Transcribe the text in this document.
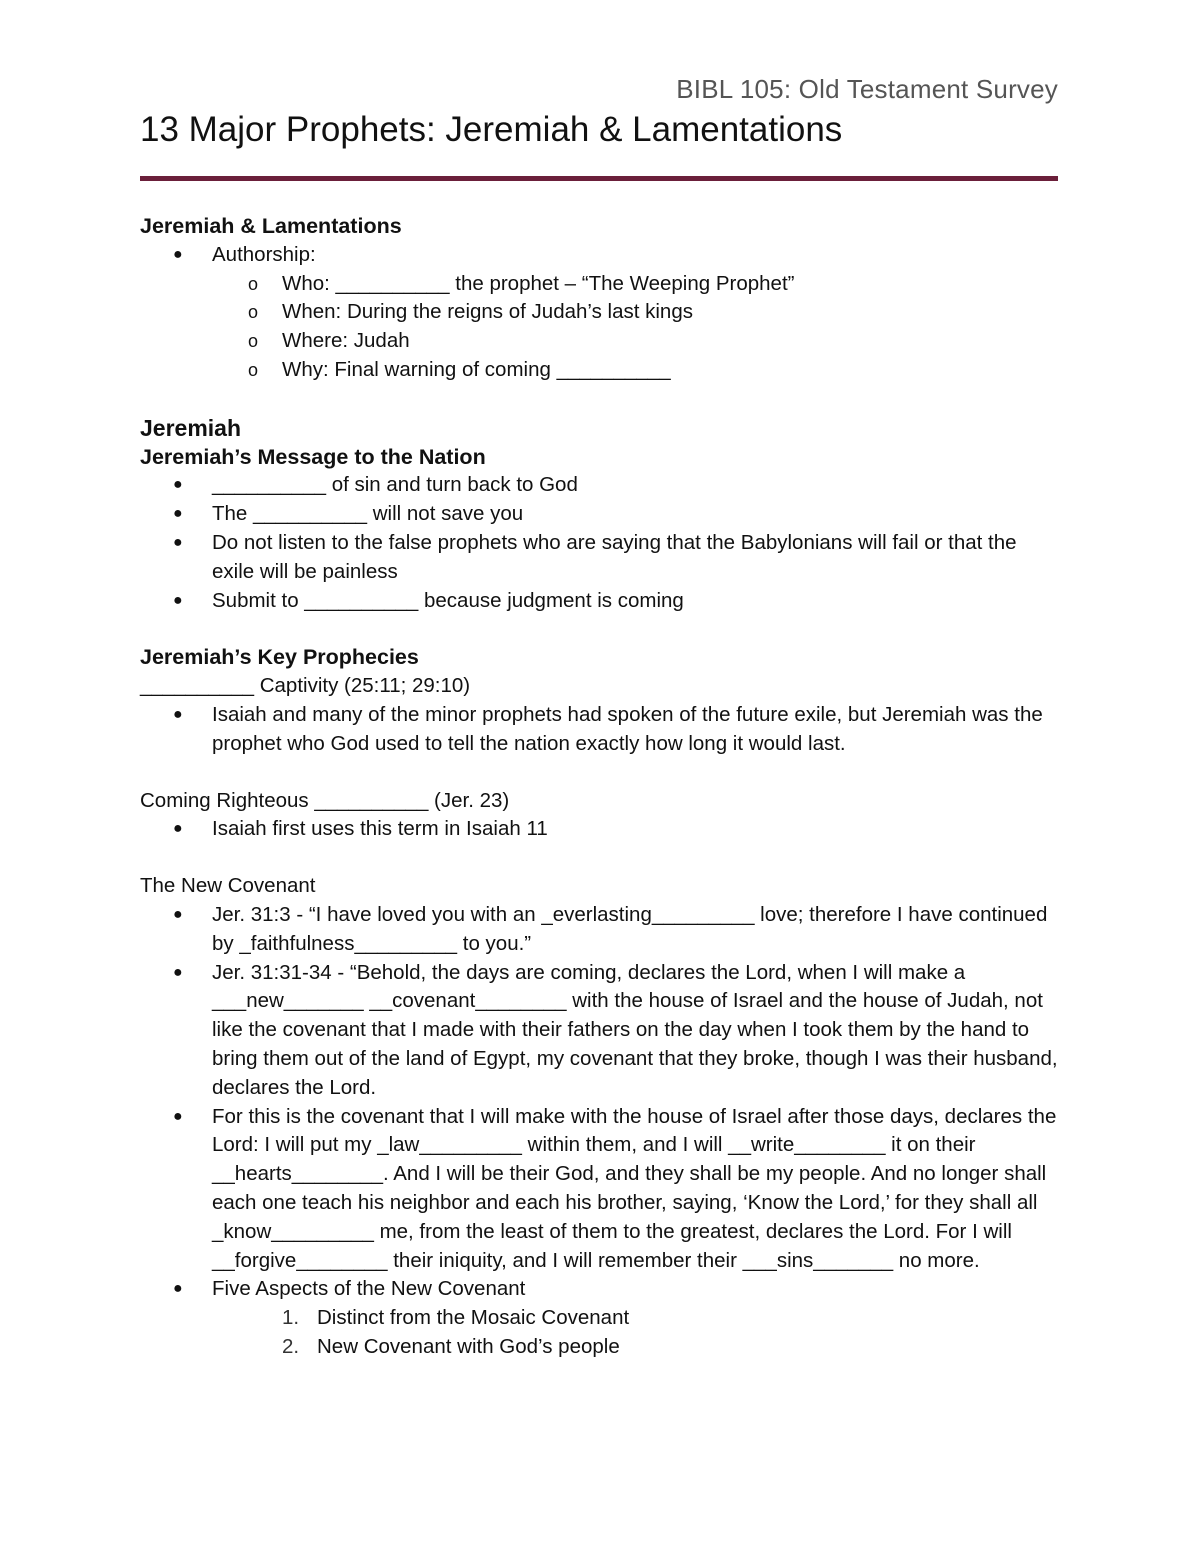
BIBL 105: Old Testament Survey
13 Major Prophets: Jeremiah & Lamentations

Jeremiah & Lamentations

● Authorship:
o Who: __________ the prophet – “The Weeping Prophet”
o When: During the reigns of Judah’s last kings
o Where: Judah
o Why: Final warning of coming __________

Jeremiah

Jeremiah’s Message to the Nation

● __________ of sin and turn back to God
● The __________ will not save you
● Do not listen to the false prophets who are saying that the Babylonians will fail or that the exile will be painless
● Submit to __________ because judgment is coming

Jeremiah’s Key Prophecies

__________ Captivity (25:11; 29:10)

● Isaiah and many of the minor prophets had spoken of the future exile, but Jeremiah was the prophet who God used to tell the nation exactly how long it would last.

Coming Righteous __________ (Jer. 23)

● Isaiah first uses this term in Isaiah 11

The New Covenant

● Jer. 31:3 - “I have loved you with an _everlasting_________ love; therefore I have continued by _faithfulness_________ to you.”
● Jer. 31:31-34 - “Behold, the days are coming, declares the Lord, when I will make a ___new_______ __covenant________ with the house of Israel and the house of Judah, not like the covenant that I made with their fathers on the day when I took them by the hand to bring them out of the land of Egypt, my covenant that they broke, though I was their husband, declares the Lord.
● For this is the covenant that I will make with the house of Israel after those days, declares the Lord: I will put my _law_________ within them, and I will __write________ it on their __hearts________. And I will be their God, and they shall be my people. And no longer shall each one teach his neighbor and each his brother, saying, ‘Know the Lord,’ for they shall all _know_________ me, from the least of them to the greatest, declares the Lord. For I will __forgive________ their iniquity, and I will remember their ___sins_______ no more.
● Five Aspects of the New Covenant
1. Distinct from the Mosaic Covenant
2. New Covenant with God’s people
